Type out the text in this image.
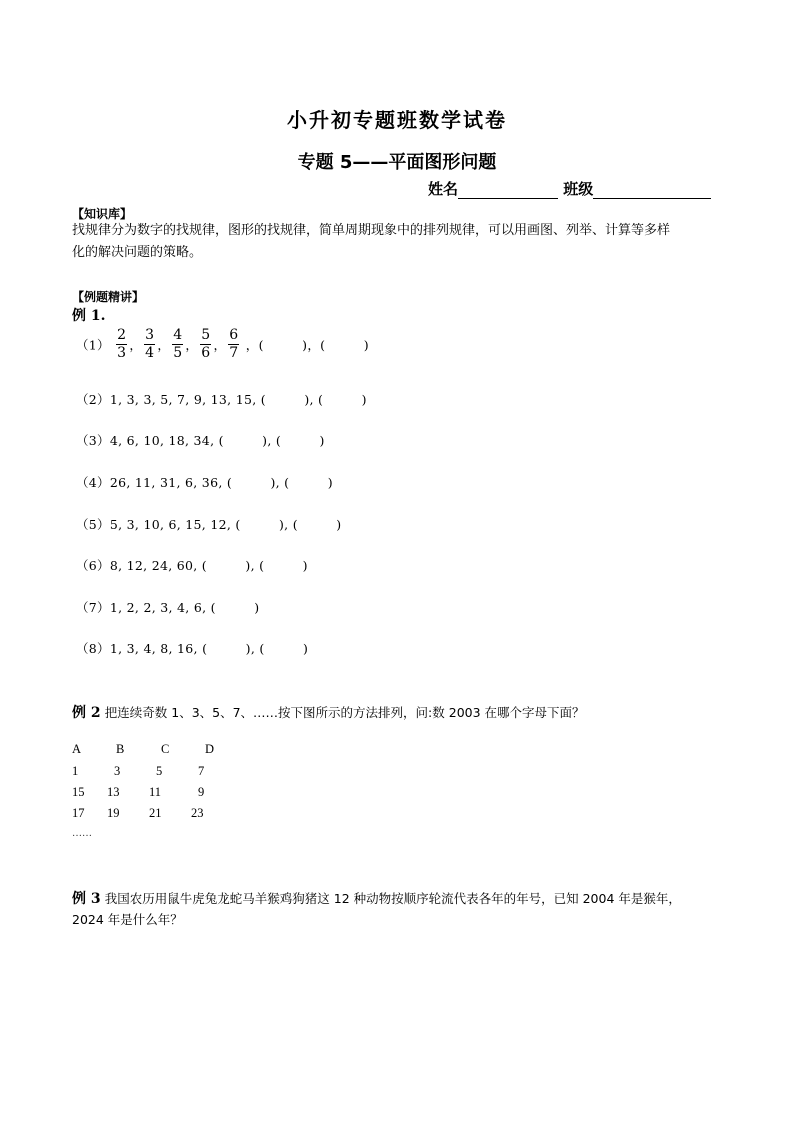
小升初专题班数学试卷
专题 5——平面图形问题
姓名	班级
【知识库】
找规律分为数字的找规律，图形的找规律，简单周期现象中的排列规律，可以用画图、列举、计算等多样
化的解决问题的策略。
【例题精讲】
例 1.
$(1) \frac{2}{3}$ ， $\frac{3}{4}$ ， $\frac{4}{5}$ ， $\frac{5}{6}$ ， $\frac{6}{7}$ ，(　　　)，(　　　)
（2）1, 3, 3, 5, 7, 9, 13, 15, (　　　), (　　　)
（3）4, 6, 10, 18, 34, (　　　), (　　　)
（4）26, 11, 31, 6, 36, (　　　), (　　　)
（5）5, 3, 10, 6, 15, 12, (　　　), (　　　)
（6）8, 12, 24, 60, (　　　), (　　　)
（7）1, 2, 2, 3, 4, 6, (　　　)
（8）1, 3, 4, 8, 16, (　　　), (　　　)
例 2 把连续奇数 1、3、5、7、……按下图所示的方法排列，问:数 2003 在哪个字母下面？
A	B	C	D
1	3	5	7
15 13 11	9
17 19 21 23
……
例 3 我国农历用鼠牛虎兔龙蛇马羊猴鸡狗猪这 12 种动物按顺序轮流代表各年的年号，已知 2004 年是猴年，
2024 年是什么年？
